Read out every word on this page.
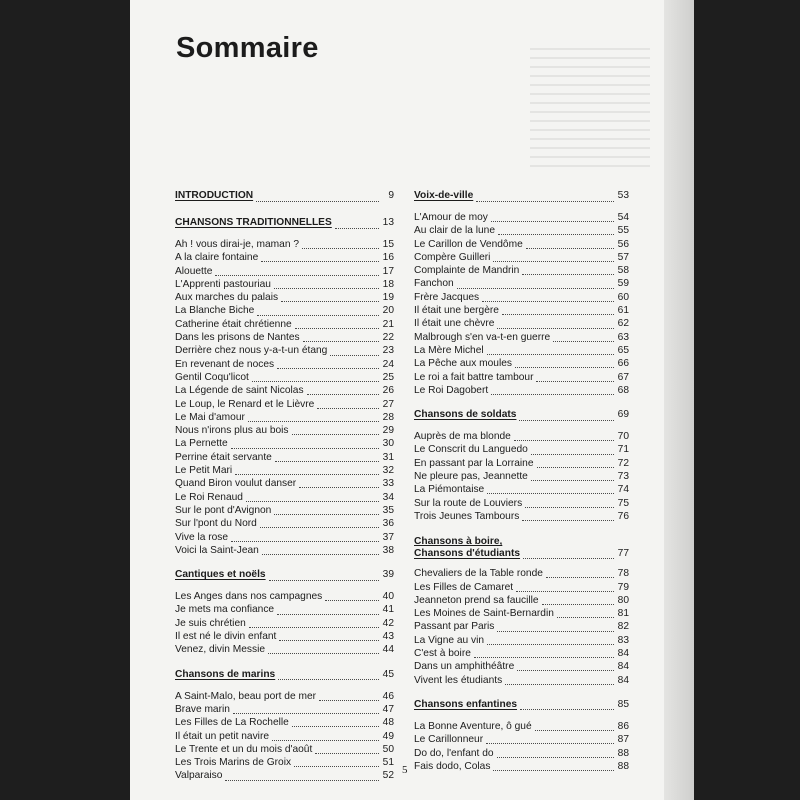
Sommaire
INTRODUCTION	9
CHANSONS TRADITIONNELLES	13
Ah ! vous dirai-je, maman ?	15
A la claire fontaine	16
Alouette	17
L'Apprenti pastouriau	18
Aux marches du palais	19
La Blanche Biche	20
Catherine était chrétienne	21
Dans les prisons de Nantes	22
Derrière chez nous y-a-t-un étang	23
En revenant de noces	24
Gentil Coqu'licot	25
La Légende de saint Nicolas	26
Le Loup, le Renard et le Lièvre	27
Le Mai d'amour	28
Nous n'irons plus au bois	29
La Pernette	30
Perrine était servante	31
Le Petit Mari	32
Quand Biron voulut danser	33
Le Roi Renaud	34
Sur le pont d'Avignon	35
Sur l'pont du Nord	36
Vive la rose	37
Voici la Saint-Jean	38
Cantiques et noëls	39
Les Anges dans nos campagnes	40
Je mets ma confiance	41
Je suis chrétien	42
Il est né le divin enfant	43
Venez, divin Messie	44
Chansons de marins	45
A Saint-Malo, beau port de mer	46
Brave marin	47
Les Filles de La Rochelle	48
Il était un petit navire	49
Le Trente et un du mois d'août	50
Les Trois Marins de Groix	51
Valparaiso	52
Voix-de-ville	53
L'Amour de moy	54
Au clair de la lune	55
Le Carillon de Vendôme	56
Compère Guilleri	57
Complainte de Mandrin	58
Fanchon	59
Frère Jacques	60
Il était une bergère	61
Il était une chèvre	62
Malbrough s'en va-t-en guerre	63
La Mère Michel	65
La Pêche aux moules	66
Le roi a fait battre tambour	67
Le Roi Dagobert	68
Chansons de soldats	69
Auprès de ma blonde	70
Le Conscrit du Languedo	71
En passant par la Lorraine	72
Ne pleure pas, Jeannette	73
La Piémontaise	74
Sur la route de Louviers	75
Trois Jeunes Tambours	76
Chansons à boire,
Chansons d'étudiants	77
Chevaliers de la Table ronde	78
Les Filles de Camaret	79
Jeanneton prend sa faucille	80
Les Moines de Saint-Bernardin	81
Passant par Paris	82
La Vigne au vin	83
C'est à boire	84
Dans un amphithéâtre	84
Vivent les étudiants	84
Chansons enfantines	85
La Bonne Aventure, ô gué	86
Le Carillonneur	87
Do do, l'enfant do	88
Fais dodo, Colas	88
5
